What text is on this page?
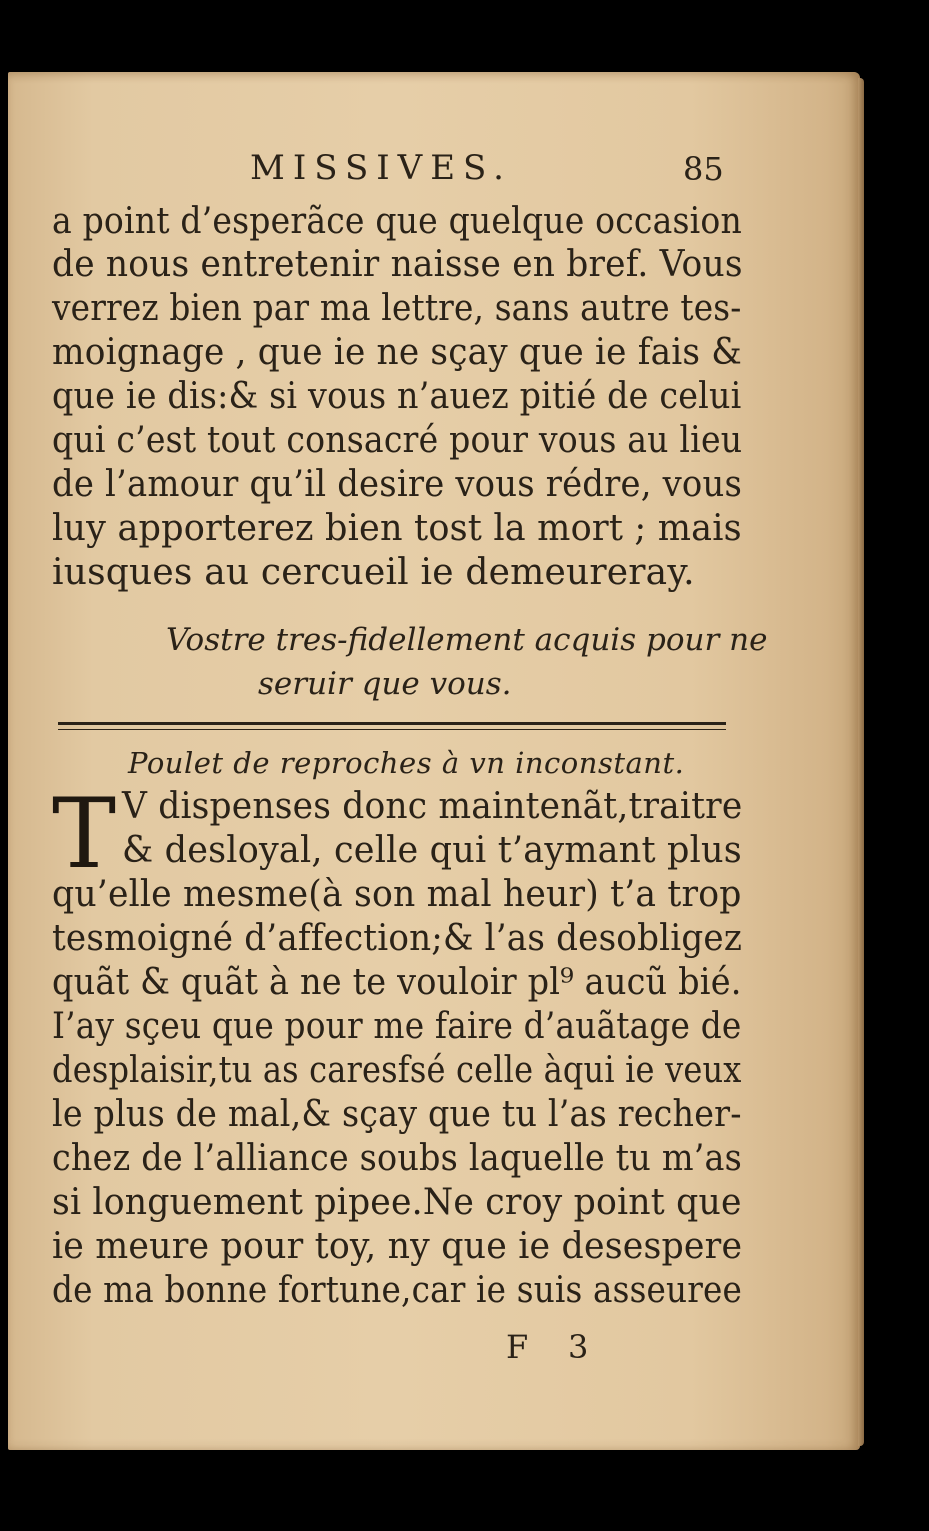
MISSIVES.	85
a point d’esperãce que quelque occasion
de nous entretenir naisse en bref. Vous
verrez bien par ma lettre, sans autre tes-
moignage , que ie ne sçay que ie fais &
que ie dis:& si vous n’auez pitié de celui
qui c’est tout consacré pour vous au lieu
de l’amour qu’il desire vous rédre, vous
luy apporterez bien tost la mort ; mais
iusques au cercueil ie demeureray.
Vostre tres-fidellement acquis pour ne
seruir que vous.
Poulet de reproches à vn inconstant.
T V dispenses donc maintenãt,traitre
& desloyal, celle qui t’aymant plus
qu’elle mesme(à son mal heur) t’a trop
tesmoigné d’affection;& l’as desobligez
quãt & quãt à ne te vouloir pl⁹ aucũ bié.
I’ay sçeu que pour me faire d’auãtage de
desplaisir,tu as caresfsé celle àqui ie veux
le plus de mal,& sçay que tu l’as recher-
chez de l’alliance soubs laquelle tu m’as
si longuement pipee.Ne croy point que
ie meure pour toy, ny que ie desespere
de ma bonne fortune,car ie suis asseuree
F 3
